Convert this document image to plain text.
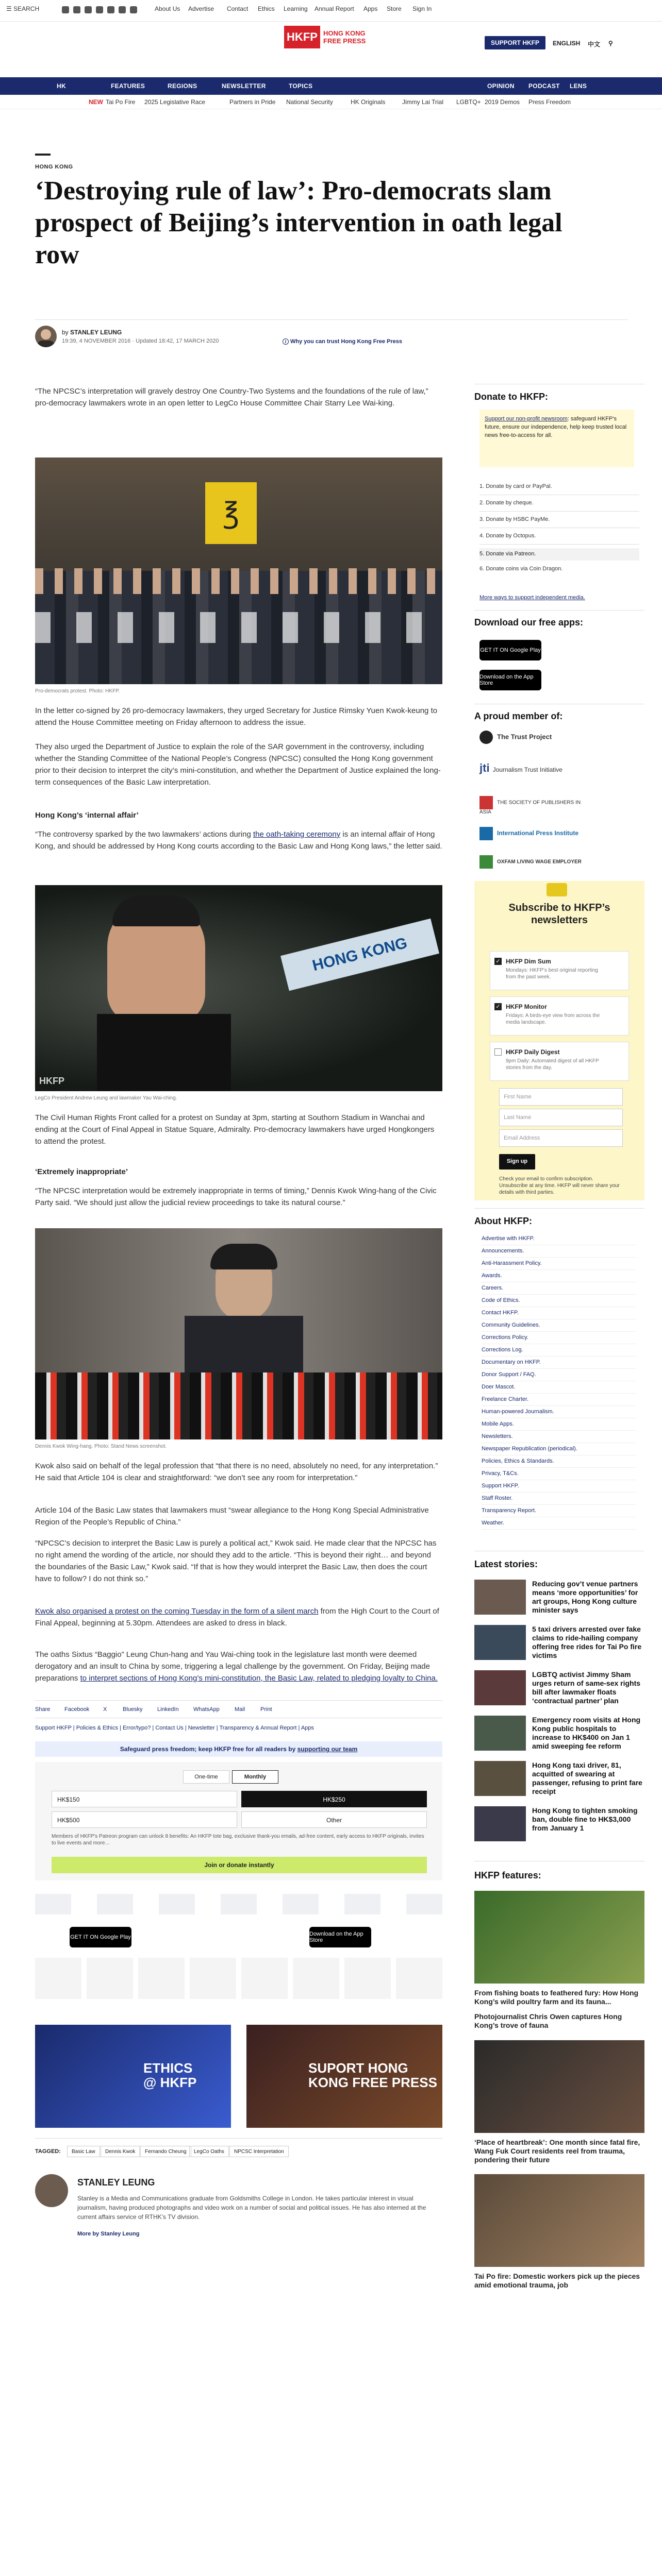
☰ SEARCH	About Us Advertise Contact Ethics Learning Annual Report Apps Store Sign In
HKFP HONG KONG
FREE PRESS	SUPPORT HKFP	ENGLISH 中文 ⚲
HK	FEATURES	REGIONS	NEWSLETTER	TOPICS	OPINION PODCAST LENS
NEW Tai Po Fire 2025 Legislative Race	Partners in Pride National Security	HK Originals	Jimmy Lai Trial LGBTQ+ 2019 Demos Press Freedom
HONG KONG
‘Destroying rule of law’: Pro-democrats slam prospect of Beijing’s intervention in oath legal row
by STANLEY LEUNG
19:39, 4 NOVEMBER 2016 · Updated 18:42, 17 MARCH 2020	i Why you can trust Hong Kong Free Press

“The NPCSC’s interpretation will gravely destroy One Country-Two Systems and the foundations of the rule of law,” pro-democracy lawmakers wrote in an open letter to LegCo House Committee Chair Starry Lee Wai-king.

℥
Pro-democrats protest. Photo: HKFP.

In the letter co-signed by 26 pro-democracy lawmakers, they urged Secretary for Justice Rimsky Yuen Kwok-keung to attend the House Committee meeting on Friday afternoon to address the issue.

They also urged the Department of Justice to explain the role of the SAR government in the controversy, including whether the Standing Committee of the National People’s Congress (NPCSC) consulted the Hong Kong government prior to their decision to interpret the city’s mini-constitution, and whether the Department of Justice explained the long-term consequences of the Basic Law interpretation.

Hong Kong’s ‘internal affair’

“The controversy sparked by the two lawmakers’ actions during the oath-taking ceremony is an internal affair of Hong Kong, and should be addressed by Hong Kong courts according to the Basic Law and Hong Kong laws,” the letter said.

HONG KONG
HKFP
LegCo President Andrew Leung and lawmaker Yau Wai-ching.

The Civil Human Rights Front called for a protest on Sunday at 3pm, starting at Southorn Stadium in Wanchai and ending at the Court of Final Appeal in Statue Square, Admiralty. Pro-democracy lawmakers have urged Hongkongers to attend the protest.

‘Extremely inappropriate’

“The NPCSC interpretation would be extremely inappropriate in terms of timing,” Dennis Kwok Wing-hang of the Civic Party said. “We should just allow the judicial review proceedings to take its natural course.”

Dennis Kwok Wing-hang. Photo: Stand News screenshot.

Kwok also said on behalf of the legal profession that “that there is no need, absolutely no need, for any interpretation.” He said that Article 104 is clear and straightforward: “we don’t see any room for interpretation.”

Article 104 of the Basic Law states that lawmakers must “swear allegiance to the Hong Kong Special Administrative Region of the People’s Republic of China.”

“NPCSC’s decision to interpret the Basic Law is purely a political act,” Kwok said. He made clear that the NPCSC has no right amend the wording of the article, nor should they add to the article. “This is beyond their right… and beyond the boundaries of the Basic Law,” Kwok said. “If that is how they would interpret the Basic Law, then does the court have to follow? I do not think so.”

Kwok also organised a protest on the coming Tuesday in the form of a silent march from the High Court to the Court of Final Appeal, beginning at 5.30pm. Attendees are asked to dress in black.

The oaths Sixtus “Baggio” Leung Chun-hang and Yau Wai-ching took in the legislature last month were deemed derogatory and an insult to China by some, triggering a legal challenge by the government. On Friday, Beijing made preparations to interpret sections of Hong Kong’s mini-constitution, the Basic Law, related to pledging loyalty to China.

Share	Facebook X	Bluesky	LinkedIn	WhatsApp	Mail	Print
Support HKFP | Policies & Ethics | Error/typo? | Contact Us | Newsletter | Transparency & Annual Report | Apps
Safeguard press freedom; keep HKFP free for all readers by supporting our team
One-time	Monthly
HK$150	HK$250
HK$500	Other
Members of HKFP’s Patreon program can unlock 8 benefits: An HKFP tote bag, exclusive thank-you emails, ad-free content, early access to HKFP originals, invites to live events and more…
Join or donate instantly
GET IT ON Google Play	Download on the App Store
ETHICS
@ HKFP
SUPORT HONG
KONG FREE PRESS
TAGGED:	Basic Law	Dennis Kwok	Fernando Cheung	LegCo Oaths	NPCSC Interpretation
STANLEY LEUNG
Stanley is a Media and Communications graduate from Goldsmiths College in London. He takes particular interest in visual journalism, having produced photographs and video work on a number of social and political issues. He has also interned at the current affairs service of RTHK’s TV division.
More by Stanley Leung
Donate to HKFP:
Support our non-profit newsroom: safeguard HKFP’s future, ensure our independence, help keep trusted local news free-to-access for all.
1. Donate by card or PayPal.
2. Donate by cheque.
3. Donate by HSBC PayMe.
4. Donate by Octopus.
5. Donate via Patreon.
6. Donate coins via Coin Dragon.
More ways to support independent media.
Download our free apps:
GET IT ON Google Play
Download on the App Store
A proud member of:
The Trust Project
jti Journalism Trust Initiative
THE SOCIETY OF PUBLISHERS IN ASIA
International Press Institute
OXFAM LIVING WAGE EMPLOYER
Subscribe to HKFP’s newsletters
✓ HKFP Dim Sum
Mondays: HKFP’s best original reporting from the past week.
✓ HKFP Monitor
Fridays: A birds-eye view from across the media landscape.
HKFP Daily Digest
9pm Daily: Automated digest of all HKFP stories from the day.
First Name
Last Name
Email Address
Sign up
Check your email to confirm subscription. Unsubscribe at any time. HKFP will never share your details with third parties.
About HKFP:
Advertise with HKFP.
Announcements.
Anti-Harassment Policy.
Awards.
Careers.
Code of Ethics.
Contact HKFP.
Community Guidelines.
Corrections Policy.
Corrections Log.
Documentary on HKFP.
Donor Support / FAQ.
Doer Mascot.
Freelance Charter.
Human-powered Journalism.
Mobile Apps.
Newsletters.
Newspaper Republication (periodical).
Policies, Ethics & Standards.
Privacy, T&Cs.
Support HKFP.
Staff Roster.
Transparency Report.
Weather.
Latest stories:
Reducing gov’t venue partners means ‘more opportunities’ for art groups, Hong Kong culture minister says
5 taxi drivers arrested over fake claims to ride-hailing company offering free rides for Tai Po fire victims
LGBTQ activist Jimmy Sham urges return of same-sex rights bill after lawmaker floats ‘contractual partner’ plan
Emergency room visits at Hong Kong public hospitals to increase to HK$400 on Jan 1 amid sweeping fee reform
Hong Kong taxi driver, 81, acquitted of swearing at passenger, refusing to print fare receipt
Hong Kong to tighten smoking ban, double fine to HK$3,000 from January 1
HKFP features:
From fishing boats to feathered fury: How Hong Kong’s wild poultry farm and its fauna...
Photojournalist Chris Owen captures Hong Kong’s trove of fauna
‘Place of heartbreak’: One month since fatal fire, Wang Fuk Court residents reel from trauma, pondering their future
Tai Po fire: Domestic workers pick up the pieces amid emotional trauma, job
